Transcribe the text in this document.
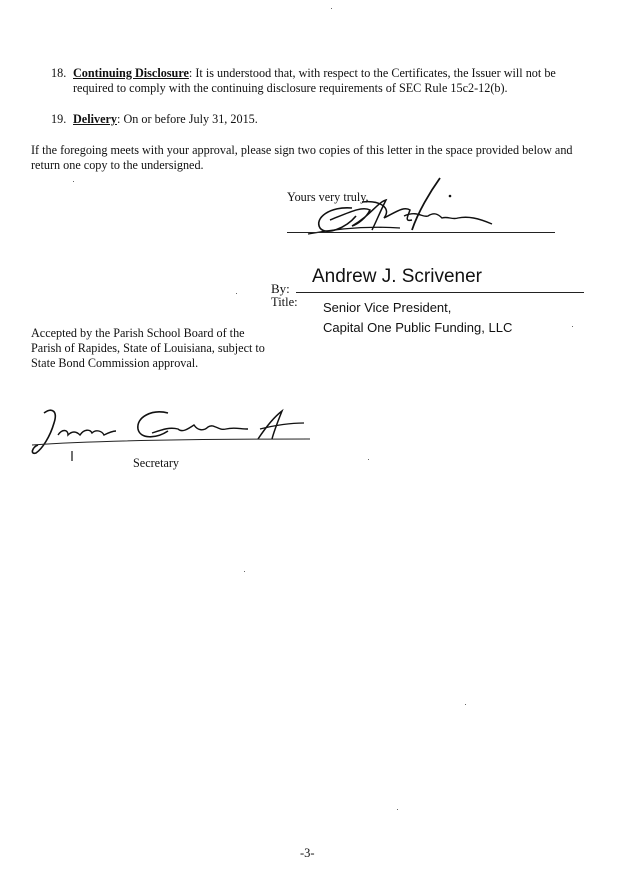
18. Continuing Disclosure: It is understood that, with respect to the Certificates, the Issuer will not be required to comply with the continuing disclosure requirements of SEC Rule 15c2-12(b).
19. Delivery: On or before July 31, 2015.
If the foregoing meets with your approval, please sign two copies of this letter in the space provided below and return one copy to the undersigned.
Yours very truly,
By:
Andrew J. Scrivener
Title: Senior Vice President,
Capital One Public Funding, LLC
Accepted by the Parish School Board of the Parish of Rapides, State of Louisiana, subject to State Bond Commission approval.
Secretary
-3-
